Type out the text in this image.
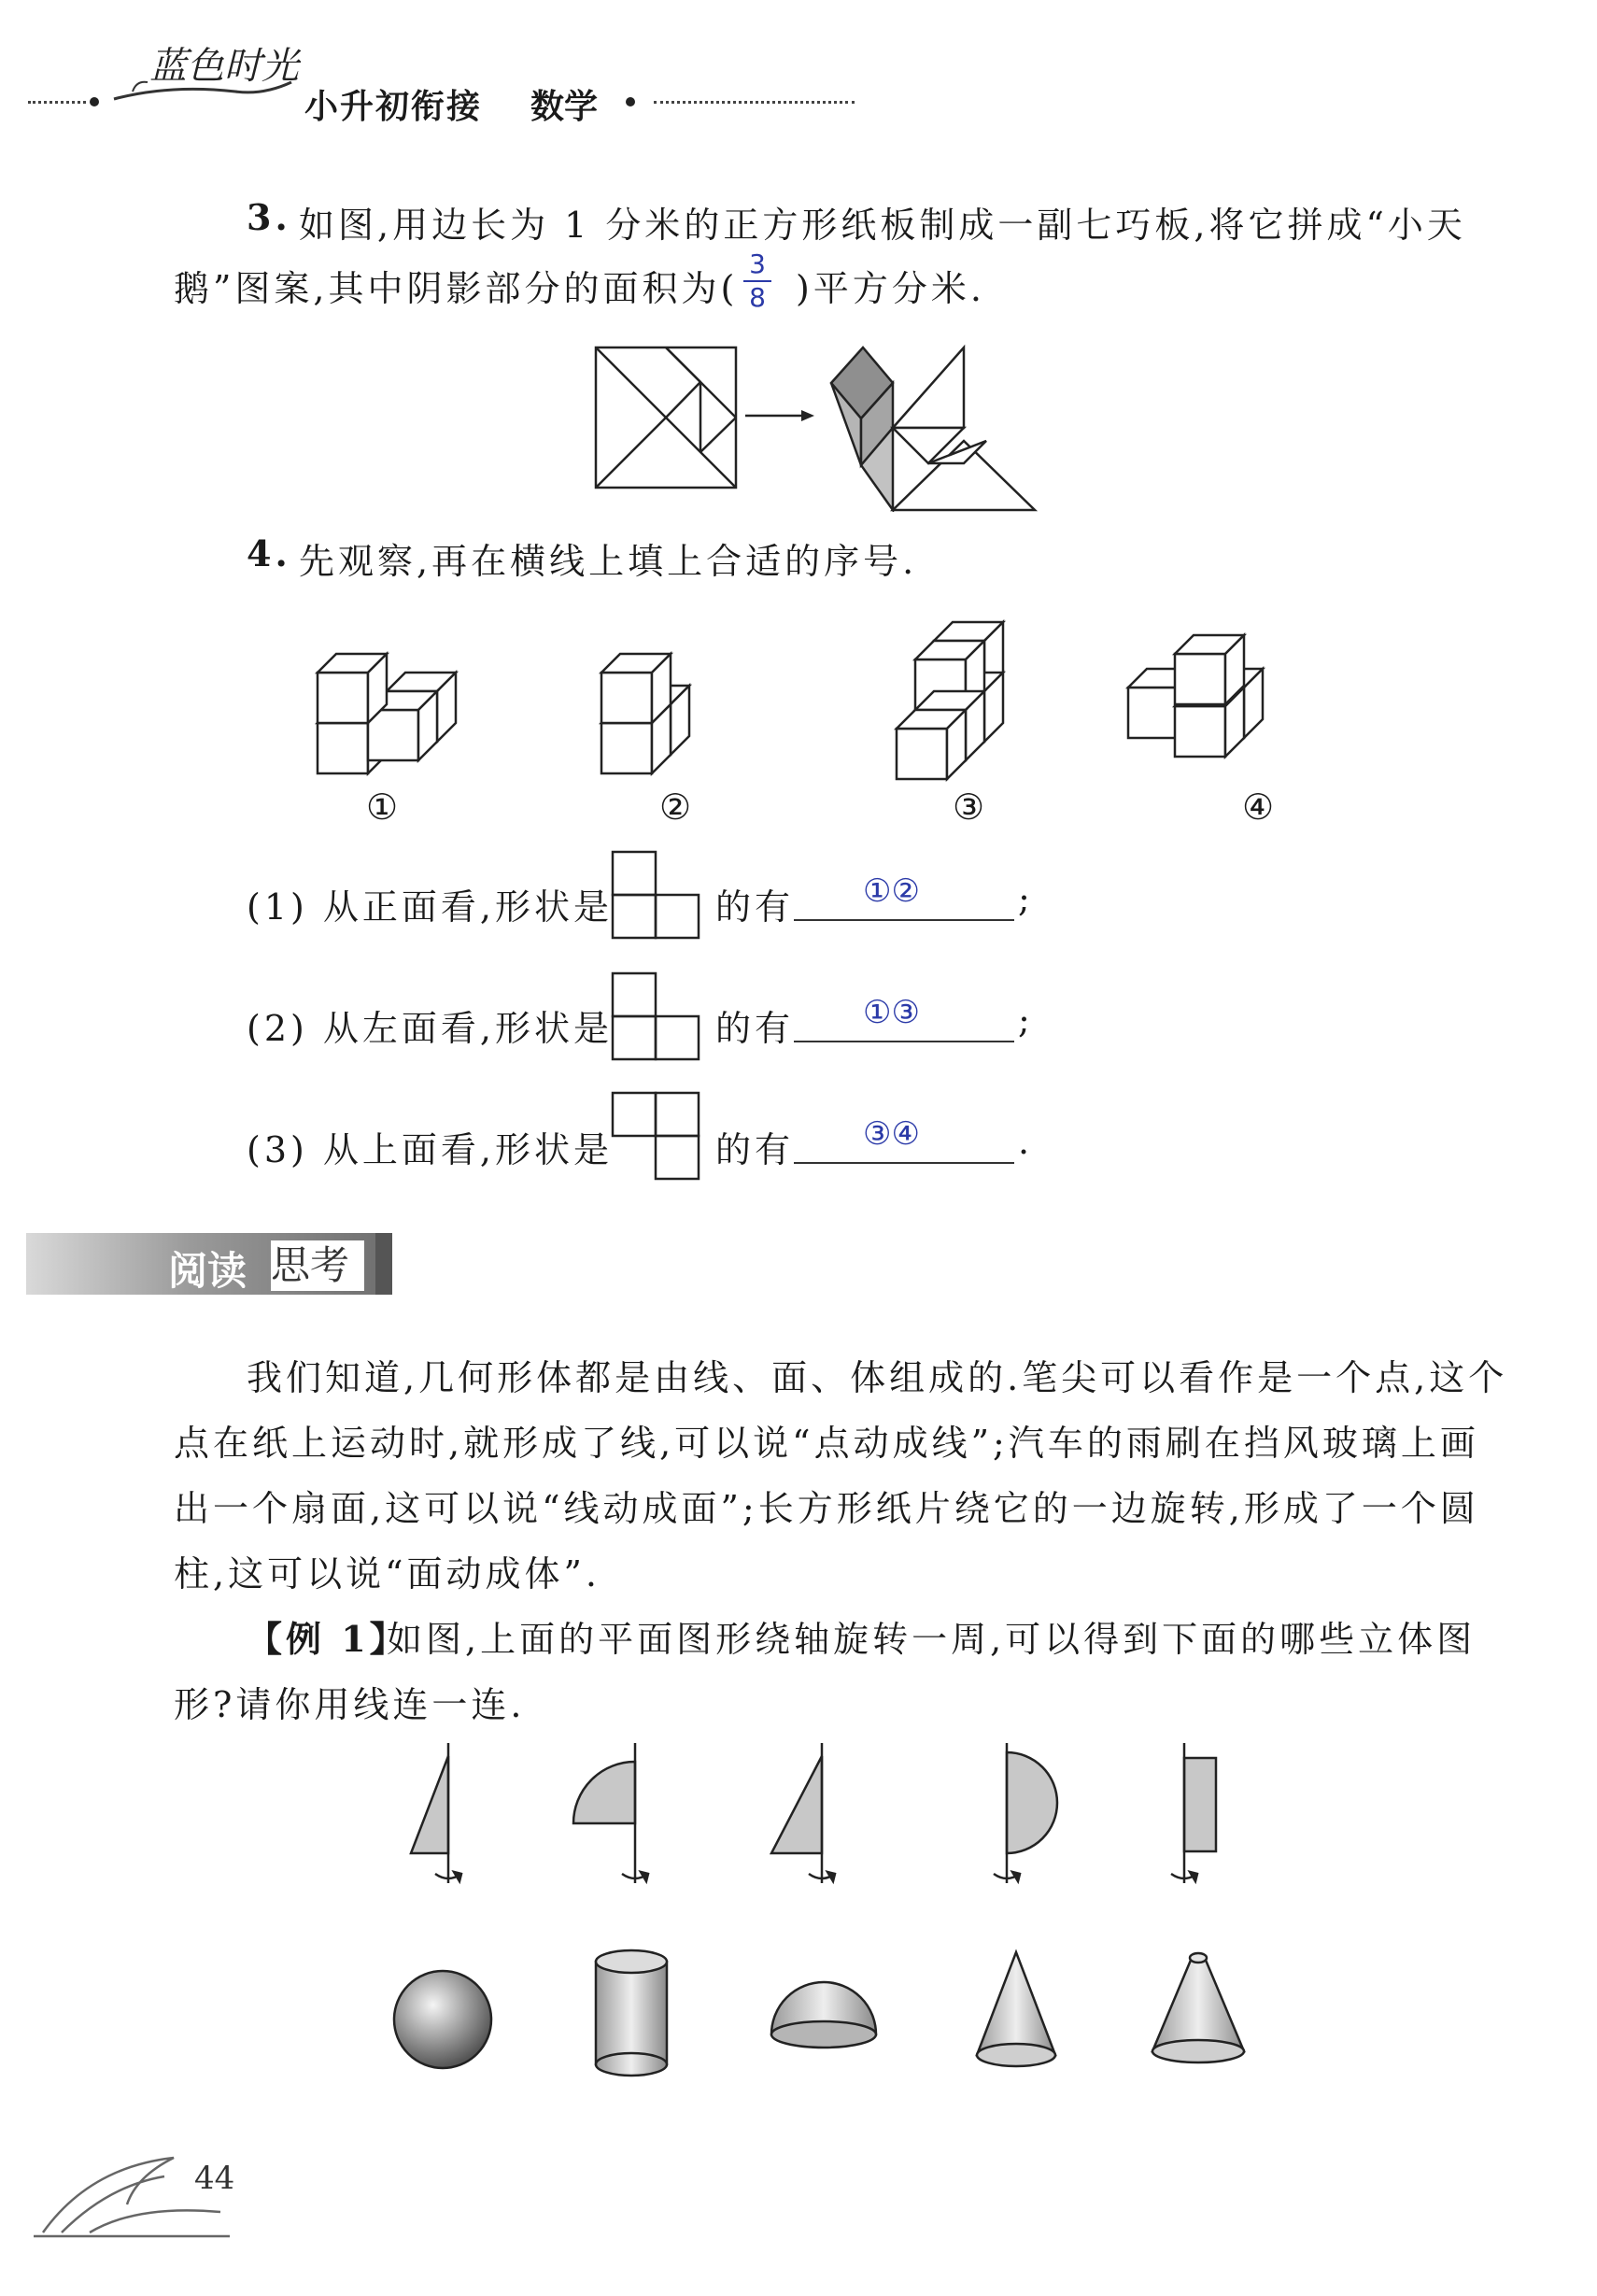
蓝色时光
小升初衔接 数学
3. 如图,用边长为 1 分米的正方形纸板制成一副七巧板,将它拼成“小天
鹅”图案,其中阴影部分的面积为(
3
8 )平方分米.
4. 先观察,再在横线上填上合适的序号.
①	②	③	④
(1) 从正面看,形状是	的有 ①②	;
(2) 从左面看,形状是	的有 ①③	;
(3) 从上面看,形状是	的有 ③④	.
阅读 思考
我们知道,几何形体都是由线、面、体组成的.笔尖可以看作是一个点,这个
点在纸上运动时,就形成了线,可以说“点动成线”;汽车的雨刷在挡风玻璃上画
出一个扇面,这可以说“线动成面”;长方形纸片绕它的一边旋转,形成了一个圆
柱,这可以说“面动成体”.
【例 1】
如图,上面的平面图形绕轴旋转一周,可以得到下面的哪些立体图
形?请你用线连一连.
44
